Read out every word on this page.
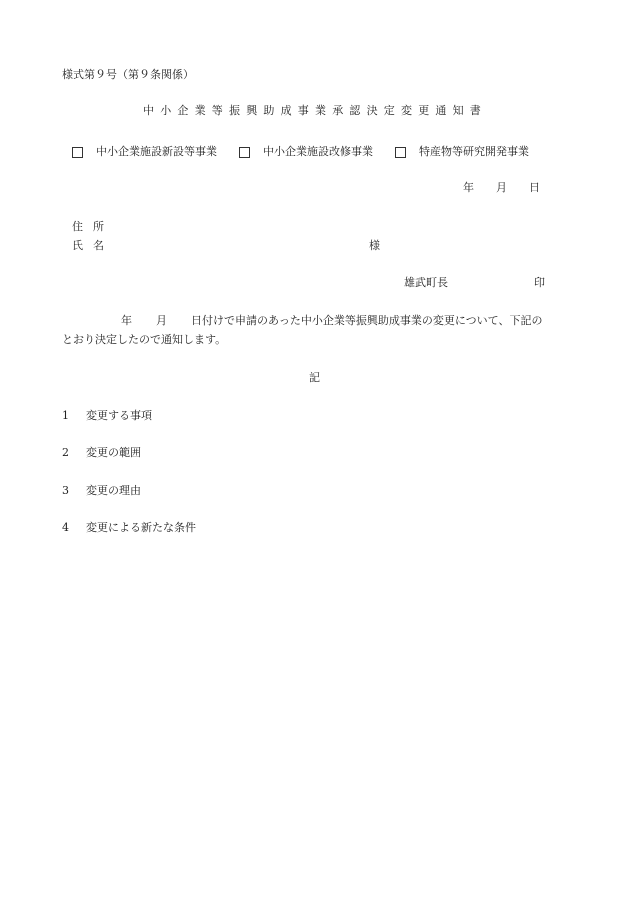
様式第９号（第９条関係）
中小企業等振興助成事業承認決定変更通知書
中小企業施設新設等事業	中小企業施設改修事業	特産物等研究開発事業
年 月 日
住所
氏名	様
雄武町長	印
年 月 日付けで申請のあった中小企業等振興助成事業の変更について、下記の
とおり決定したので通知します。
記
1 変更する事項
2 変更の範囲
3 変更の理由
4 変更による新たな条件
